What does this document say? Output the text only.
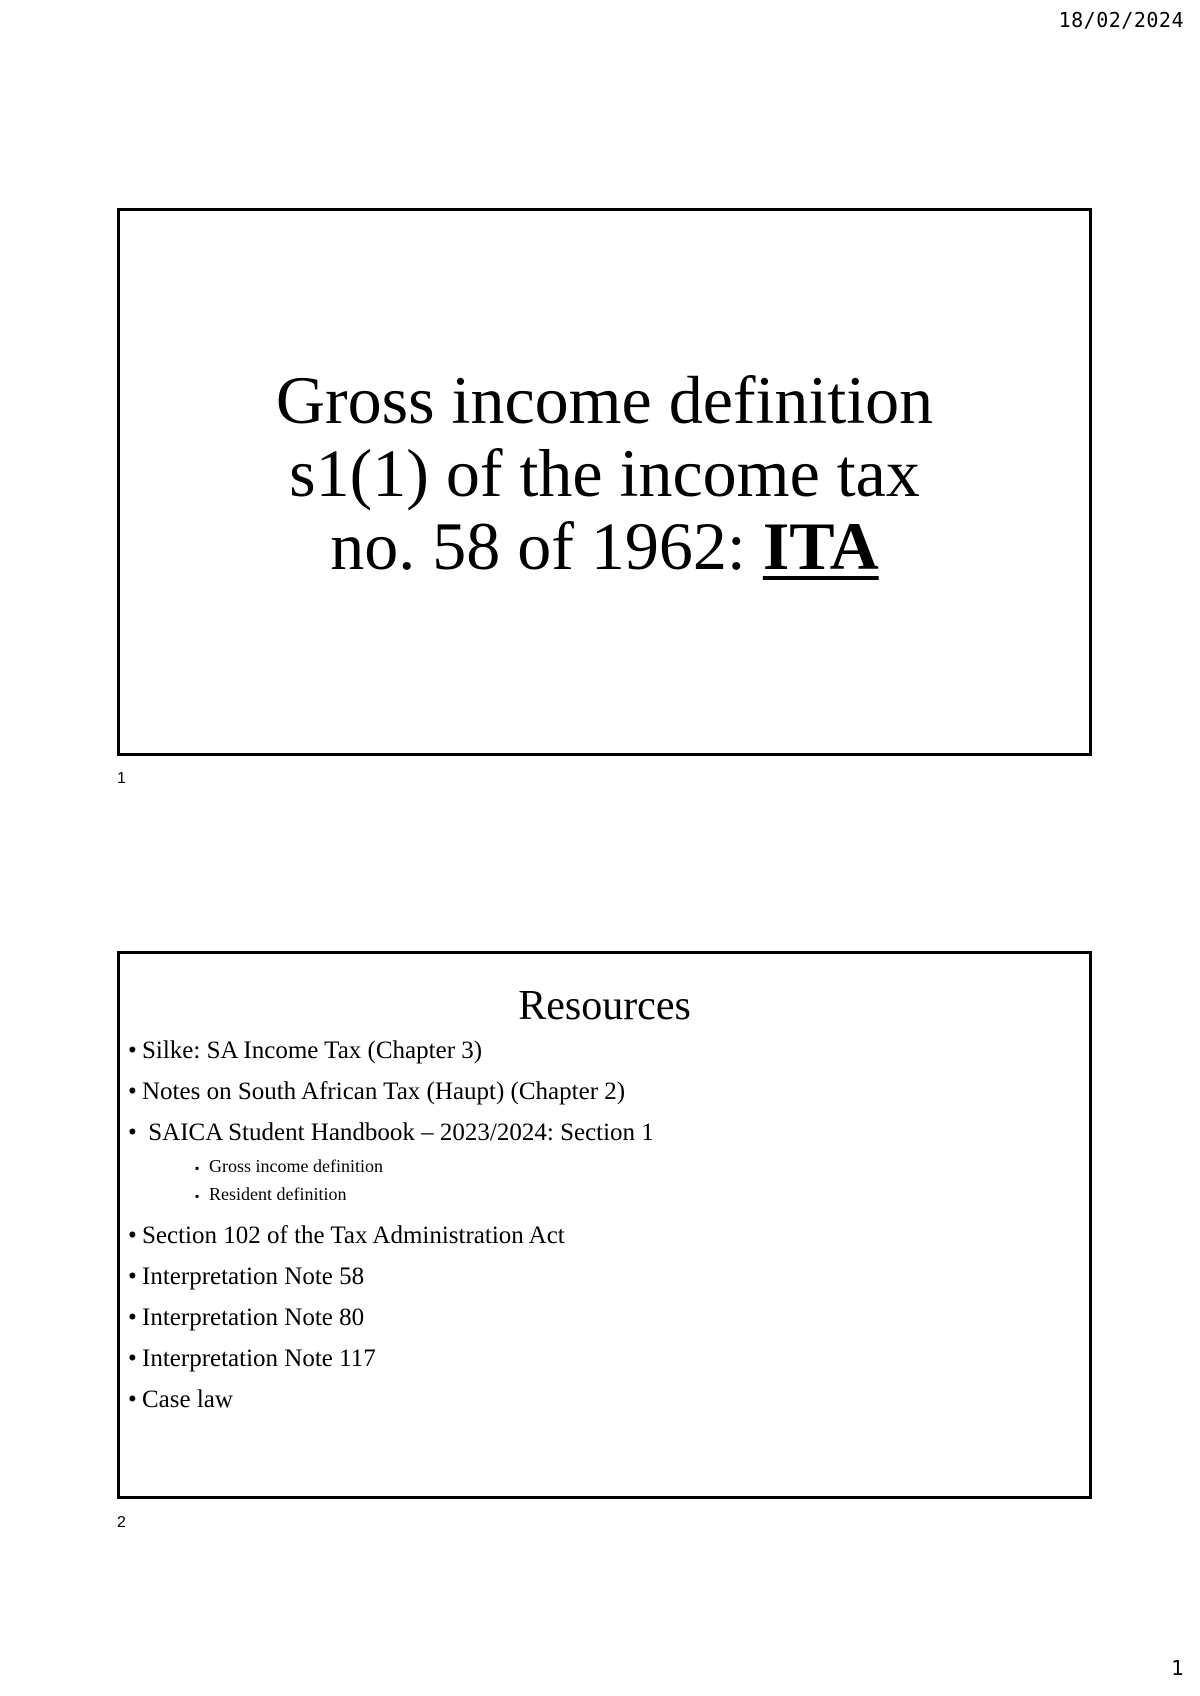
18/02/2024
Gross income definition
s1(1) of the income tax
no. 58 of 1962: ITA
1
Resources
• Silke: SA Income Tax (Chapter 3)
• Notes on South African Tax (Haupt) (Chapter 2)
• SAICA Student Handbook – 2023/2024: Section 1
▪ Gross income definition
▪ Resident definition
• Section 102 of the Tax Administration Act
• Interpretation Note 58
• Interpretation Note 80
• Interpretation Note 117
• Case law
2
1
